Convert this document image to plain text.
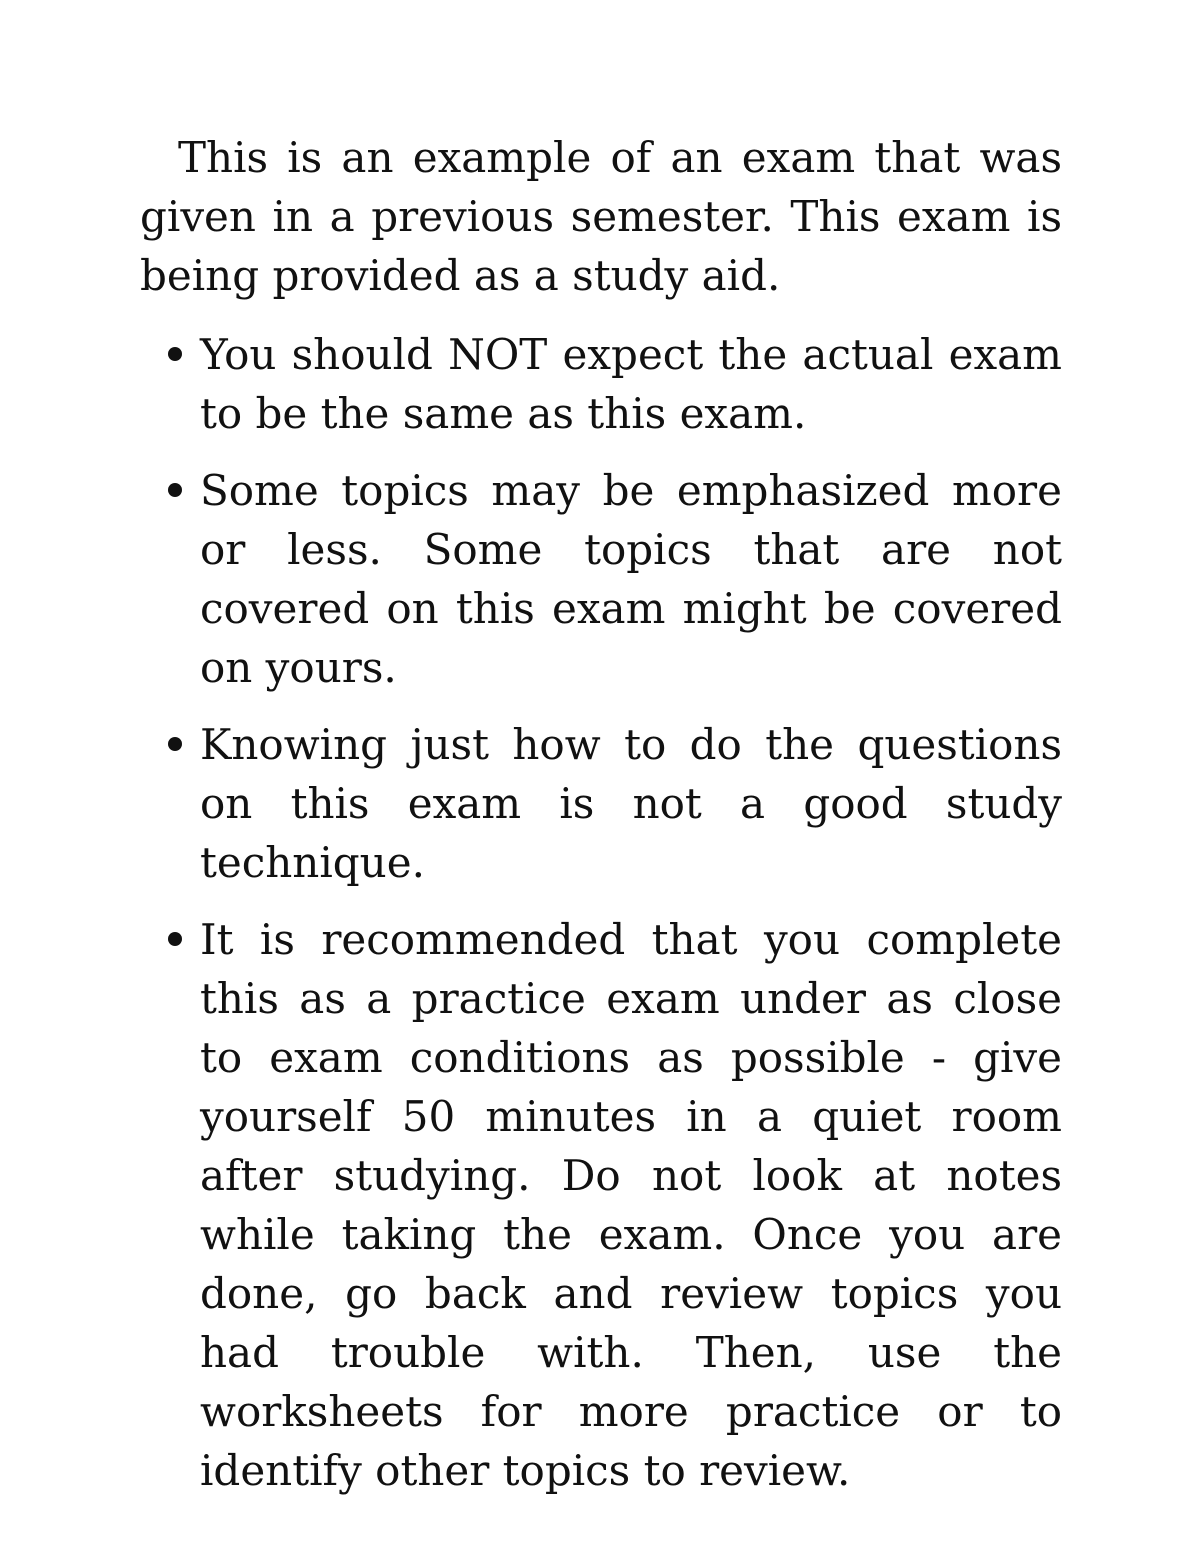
This is an example of an exam that was given in a previous semester. This exam is being provided as a study aid.

You should NOT expect the actual exam to be the same as this exam.
Some topics may be emphasized more or less. Some topics that are not covered on this exam might be covered on yours.
Knowing just how to do the questions on this exam is not a good study technique.
It is recommended that you complete this as a practice exam under as close to exam conditions as possible - give yourself 50 minutes in a quiet room after studying. Do not look at notes while taking the exam. Once you are done, go back and review topics you had trouble with. Then, use the worksheets for more practice or to identify other topics to review.
